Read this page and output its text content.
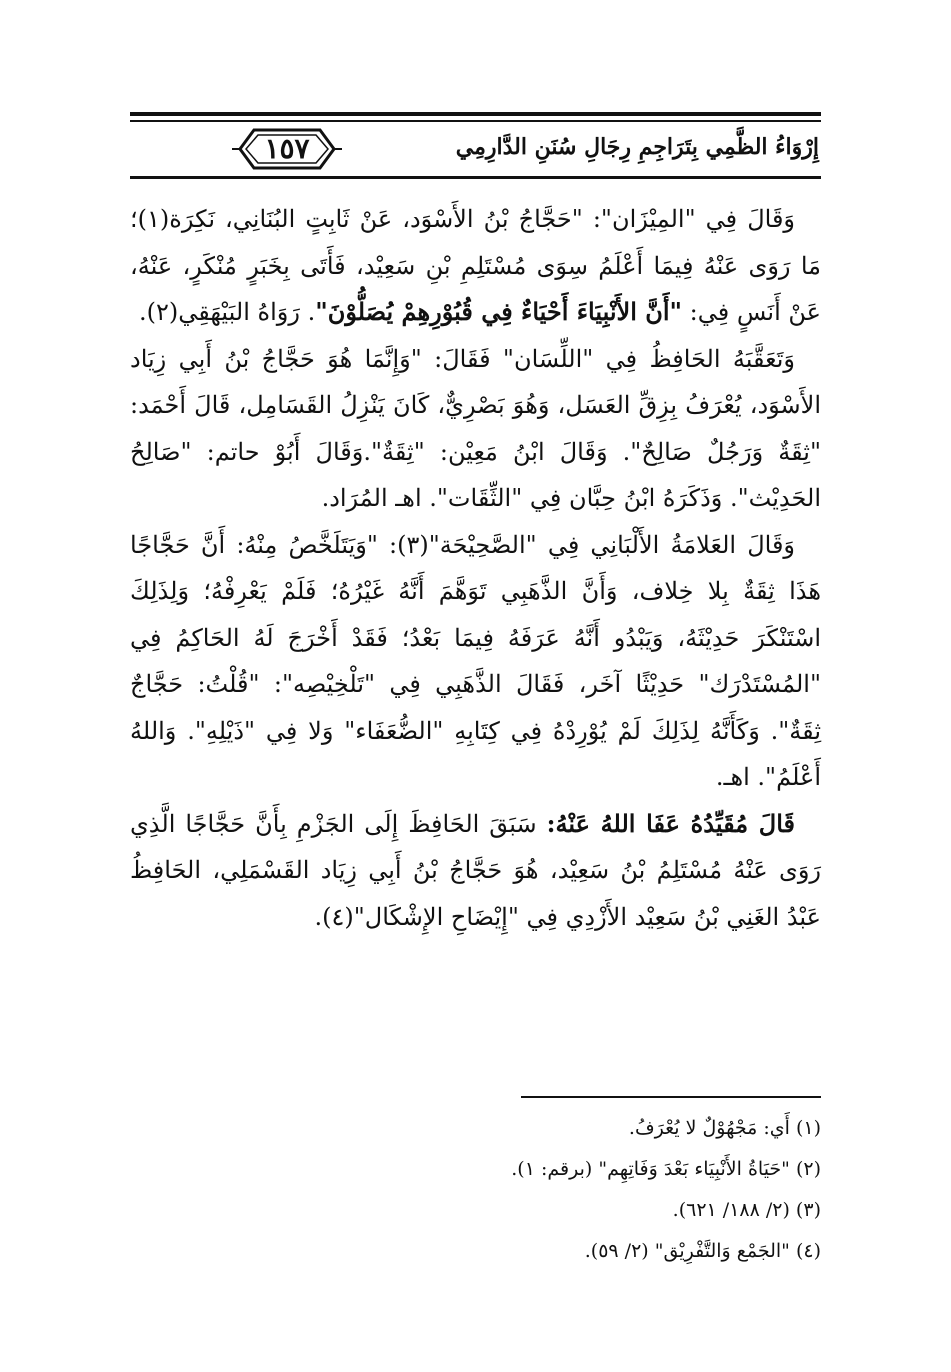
١٥٧	إِرْوَاءُ الظَّمِي بِتَرَاجِمِ رِجَالِ سُنَنِ الدَّارِمِي

وَقَالَ فِي "المِيْزَان": "حَجَّاجُ بْنُ الأَسْوَد، عَنْ ثَابِتٍ البُنَانِي، نَكِرَة(١)؛ مَا رَوَى عَنْهُ فِيمَا أَعْلَمُ سِوَى مُسْتَلِمِ بْنِ سَعِيْد، فَأَتَى بِخَبَرٍ مُنْكَرٍ، عَنْهُ، عَنْ أَنَسٍ فِي: "أَنَّ الأَنْبِيَاءَ أَحْيَاءٌ فِي قُبُوْرِهِمْ يُصَلُّوْنَ". رَوَاهُ البَيْهَقِي(٢).

وَتَعَقَّبَهُ الحَافِظُ فِي "اللِّسَان" فَقَالَ: "وَإِنَّمَا هُوَ حَجَّاجُ بْنُ أَبِي زِيَاد الأَسْوَد، يُعْرَفُ بِزِقِّ العَسَل، وَهُوَ بَصْرِيٌّ، كَانَ يَنْزِلُ القَسَامِل، قَالَ أَحْمَد: "ثِقَةٌ وَرَجُلٌ صَالِحٌ". وَقَالَ ابْنُ مَعِيْن: "ثِقَةٌ".وَقَالَ أَبُوْ حاتم: "صَالِحُ الحَدِيْث". وَذَكَرَهُ ابْنُ حِبَّان فِي "الثِّقَات". اهـ المُرَاد.

وَقَالَ العَلامَةُ الأَلْبَانِي فِي "الصَّحِيْحَة"(٣): "وَيَتَلَخَّصُ مِنْهُ: أَنَّ حَجَّاجًا هَذَا ثِقَةٌ بِلا خِلاف، وَأَنَّ الذَّهَبِي تَوَهَّمَ أَنَّهُ غَيْرُهُ؛ فَلَمْ يَعْرِفْهُ؛ وَلِذَلِكَ اسْتَنْكَرَ حَدِيْثَهُ، وَيَبْدُو أَنَّهُ عَرَفَهُ فِيمَا بَعْدُ؛ فَقَدْ أَخْرَجَ لَهُ الحَاكِمُ فِي "المُسْتَدْرَك" حَدِيْثًا آخَر، فَقَالَ الذَّهَبِي فِي "تَلْخِيْصِه": "قُلْتُ: حَجَّاجٌ ثِقَةٌ". وَكَأَنَّهُ لِذَلِكَ لَمْ يُوْرِدْهُ فِي كِتَابِهِ "الضُّعَفَاء" وَلا فِي "ذَيْلِهِ". وَاللهُ أَعْلَمُ". اهـ.

قَالَ مُقَيِّدُهُ عَفَا اللهُ عَنْهُ: سَبَقَ الحَافِظَ إِلَى الجَزْمِ بِأَنَّ حَجَّاجًا الَّذِي رَوَى عَنْهُ مُسْتَلِمُ بْنُ سَعِيْد، هُوَ حَجَّاجُ بْنُ أَبِي زِيَاد القَسْمَلِي، الحَافِظُ عَبْدُ الغَنِي بْنُ سَعِيْد الأَزْدِي فِي "إِيْضَاحِ الإِشْكَال"(٤).

(١) أَي: مَجْهُوْلٌ لا يُعْرَفُ.
(٢) "حَيَاةُ الأَنْبِيَاء بَعْدَ وَفَاتِهِم" (برقم: ١).
(٣) (٢/ ١٨٨/ ٦٢١).
(٤) "الجَمْع وَالتَّفْرِيْق" (٢/ ٥٩).
